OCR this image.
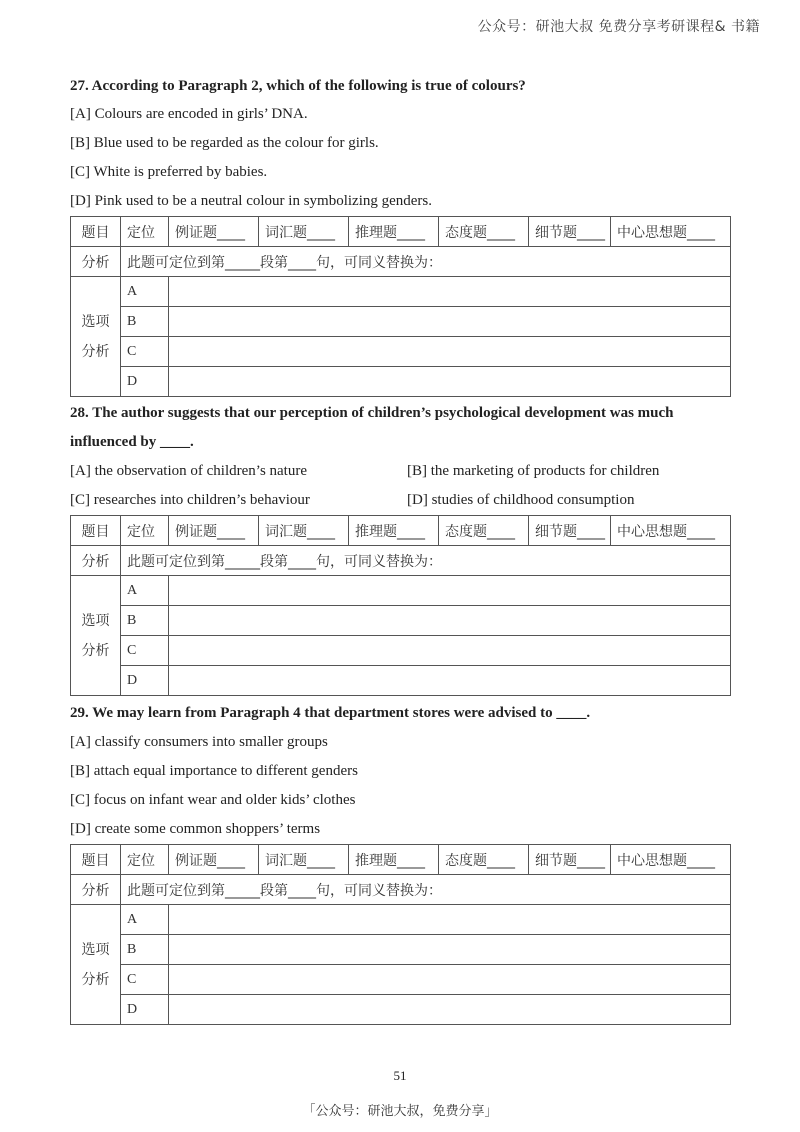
公众号：研池大叔 免费分享考研课程& 书籍

27. According to Paragraph 2, which of the following is true of colours?

[A] Colours are encoded in girls’ DNA.
[B] Blue used to be regarded as the colour for girls.
[C] White is preferred by babies.
[D] Pink used to be a neutral colour in symbolizing genders.
题目	定位	例证题____	词汇题____	推理题____	态度题____	细节题____	中心思想题____
分析	此题可定位到第_____段第____句，可同义替换为：						

选项
分析	A						
	B						
	C						
	D						

28. The author suggests that our perception of children’s psychological development was much

influenced by ____.

[A] the observation of children’s nature	[B] the marketing of products for children
[C] researches into children’s behaviour	[D] studies of childhood consumption
题目	定位	例证题____	词汇题____	推理题____	态度题____	细节题____	中心思想题____
分析	此题可定位到第_____段第____句，可同义替换为：						

选项
分析	A						
	B						
	C						
	D						

29. We may learn from Paragraph 4 that department stores were advised to ____.

[A] classify consumers into smaller groups
[B] attach equal importance to different genders
[C] focus on infant wear and older kids’ clothes
[D] create some common shoppers’ terms
题目	定位	例证题____	词汇题____	推理题____	态度题____	细节题____	中心思想题____
分析	此题可定位到第_____段第____句，可同义替换为：						

选项
分析	A						
	B						
	C						
	D						
51
「公众号：研池大叔，免费分享」
